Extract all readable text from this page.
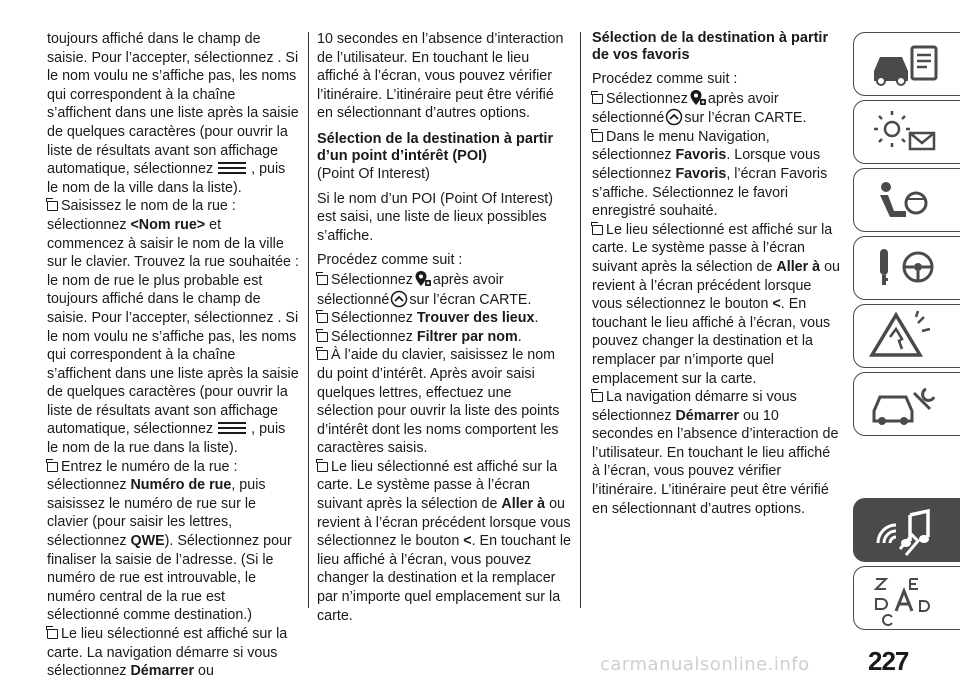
toujours affiché dans le champ de saisie. Pour l’accepter, sélectionnez . Si le nom voulu ne s’affiche pas, les noms qui correspondent à la chaîne s’affichent dans une liste après la saisie de quelques caractères (pour ouvrir la liste de résultats avant son affichage automatique, sélectionnez	, puis le nom de la ville dans la liste).

Saisissez le nom de la rue : sélectionnez <Nom rue> et commencez à saisir le nom de la ville sur le clavier. Trouvez la rue souhaitée : le nom de rue le plus probable est toujours affiché dans le champ de saisie. Pour l’accepter, sélectionnez . Si le nom voulu ne s’affiche pas, les noms qui correspondent à la chaîne s’affichent dans une liste après la saisie de quelques caractères (pour ouvrir la liste de résultats avant son affichage automatique, sélectionnez	, puis le nom de la rue dans la liste).

Entrez le numéro de la rue : sélectionnez Numéro de rue, puis saisissez le numéro de rue sur le clavier (pour saisir les lettres, sélectionnez QWE). Sélectionnez pour finaliser la saisie de l’adresse. (Si le numéro de rue est introuvable, le numéro central de la rue est sélectionné comme destination.)

Le lieu sélectionné est affiché sur la carte. La navigation démarre si vous sélectionnez Démarrer ou

10 secondes en l’absence d’interaction de l’utilisateur. En touchant le lieu affiché à l’écran, vous pouvez vérifier l’itinéraire. L’itinéraire peut être vérifié en sélectionnant d’autres options.

Sélection de la destination à partir d’un point d’intérêt (POI)

(Point Of Interest)

Si le nom d’un POI (Point Of Interest) est saisi, une liste de lieux possibles s’affiche.

Procédez comme suit :

Sélectionnez après avoir sélectionné sur l’écran CARTE.

Sélectionnez Trouver des lieux.

Sélectionnez Filtrer par nom.

À l’aide du clavier, saisissez le nom du point d’intérêt. Après avoir saisi quelques lettres, effectuez une sélection pour ouvrir la liste des points d’intérêt dont les noms comportent les caractères saisis.

Le lieu sélectionné est affiché sur la carte. Le système passe à l’écran suivant après la sélection de Aller à ou revient à l’écran précédent lorsque vous sélectionnez le bouton <. En touchant le lieu affiché à l’écran, vous pouvez changer la destination et la remplacer par n’importe quel emplacement sur la carte.

Sélection de la destination à partir de vos favoris

Procédez comme suit :

Sélectionnez après avoir sélectionné sur l’écran CARTE.

Dans le menu Navigation, sélectionnez Favoris. Lorsque vous sélectionnez Favoris, l’écran Favoris s’affiche. Sélectionnez le favori enregistré souhaité.

Le lieu sélectionné est affiché sur la carte. Le système passe à l’écran suivant après la sélection de Aller à ou revient à l’écran précédent lorsque vous sélectionnez le bouton <. En touchant le lieu affiché à l’écran, vous pouvez changer la destination et la remplacer par n’importe quel emplacement sur la carte.

La navigation démarre si vous sélectionnez Démarrer ou 10 secondes en l’absence d’interaction de l’utilisateur. En touchant le lieu affiché à l’écran, vous pouvez vérifier l’itinéraire. L’itinéraire peut être vérifié en sélectionnant d’autres options.

carmanualsonline.info 227
